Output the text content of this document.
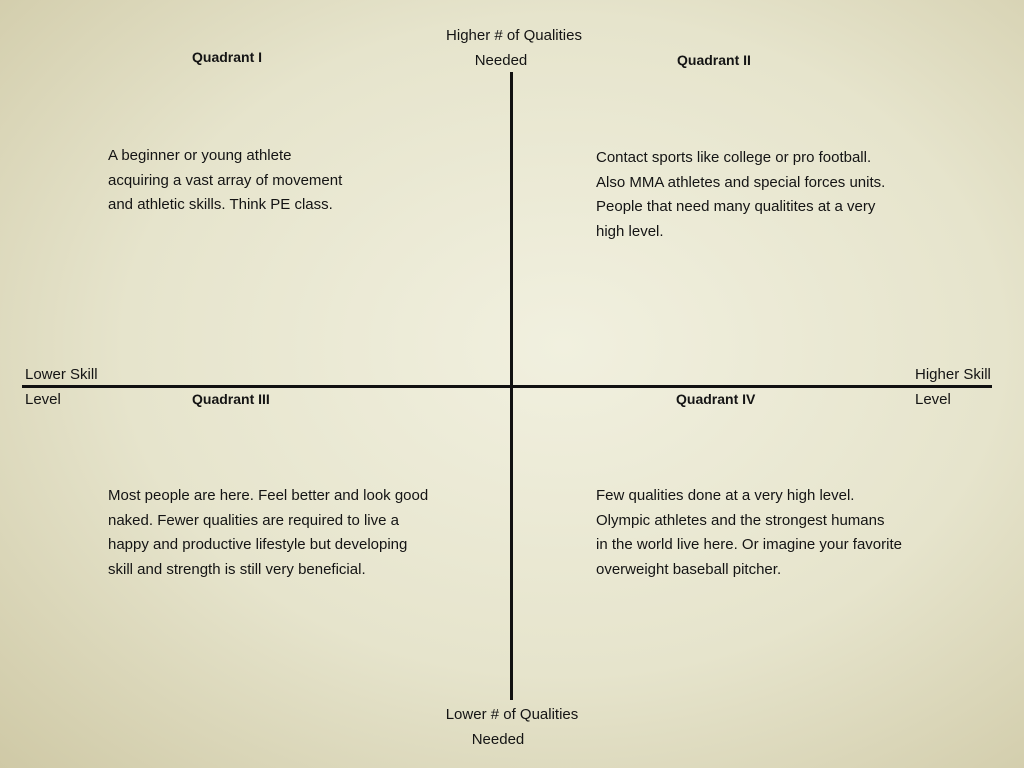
Higher # of Qualities
Needed
Lower # of Qualities
Needed
Lower Skill
Level
Higher Skill
Level
Quadrant I	Quadrant II
Quadrant III	Quadrant IV
A beginner or young athlete
acquiring a vast array of movement
and athletic skills. Think PE class.
Contact sports like college or pro football.
Also MMA athletes and special forces units.
People that need many qualitites at a very
high level.
Most people are here. Feel better and look good
naked. Fewer qualities are required to live a
happy and productive lifestyle but developing
skill and strength is still very beneficial.
Few qualities done at a very high level.
Olympic athletes and the strongest humans
in the world live here. Or imagine your favorite
overweight baseball pitcher.
